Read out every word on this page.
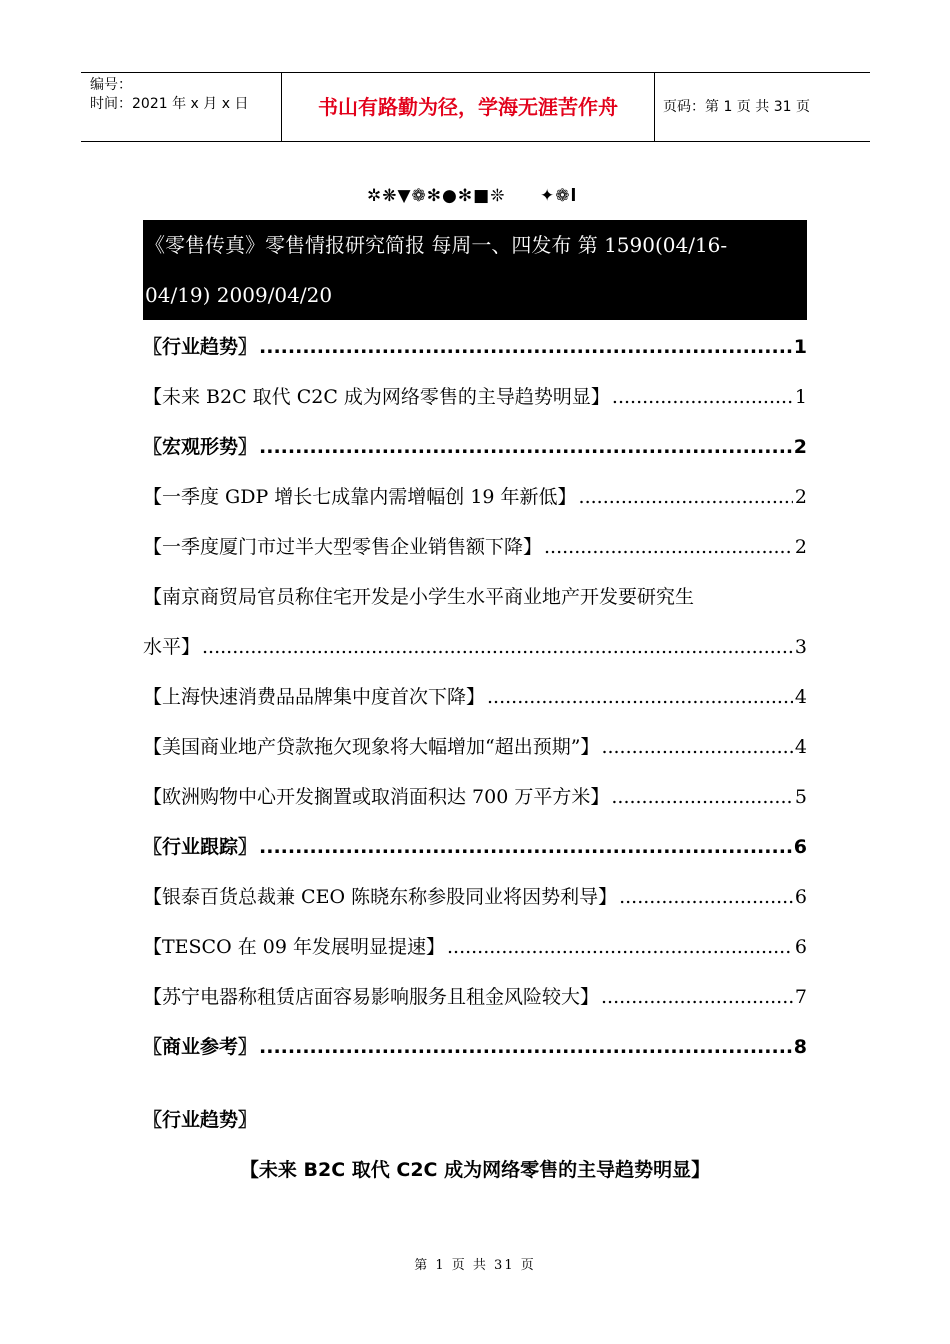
编号：
时间：2021 年 x 月 x 日	书山有路勤为径，学海无涯苦作舟	页码：第 1 页 共 31 页
✲❋▼❁✻●✻■❊     ✦❁l
《零售传真》零售情报研究简报 每周一、四发布 第 1590(04/16-
04/19) 2009/04/20
〖行业趋势〗 .....	1
【未来 B2C 取代 C2C 成为网络零售的主导趋势明显】 .....	1
〖宏观形势〗 .....	2
【一季度 GDP 增长七成靠内需增幅创 19 年新低】 .....	2
【一季度厦门市过半大型零售企业销售额下降】 .....	2
【南京商贸局官员称住宅开发是小学生水平商业地产开发要研究生
水平】 .....	3
【上海快速消费品品牌集中度首次下降】 .....	4
【美国商业地产贷款拖欠现象将大幅增加“超出预期”】 .....	4
【欧洲购物中心开发搁置或取消面积达 700 万平方米】 .....	5
〖行业跟踪〗 .....	6
【银泰百货总裁兼 CEO 陈晓东称参股同业将因势利导】 .....	6
【TESCO 在 09 年发展明显提速】 .....	6
【苏宁电器称租赁店面容易影响服务且租金风险较大】 .....	7
〖商业参考〗 .....	8
〖行业趋势〗
【未来 B2C 取代 C2C 成为网络零售的主导趋势明显】
第 1 页 共 31 页
